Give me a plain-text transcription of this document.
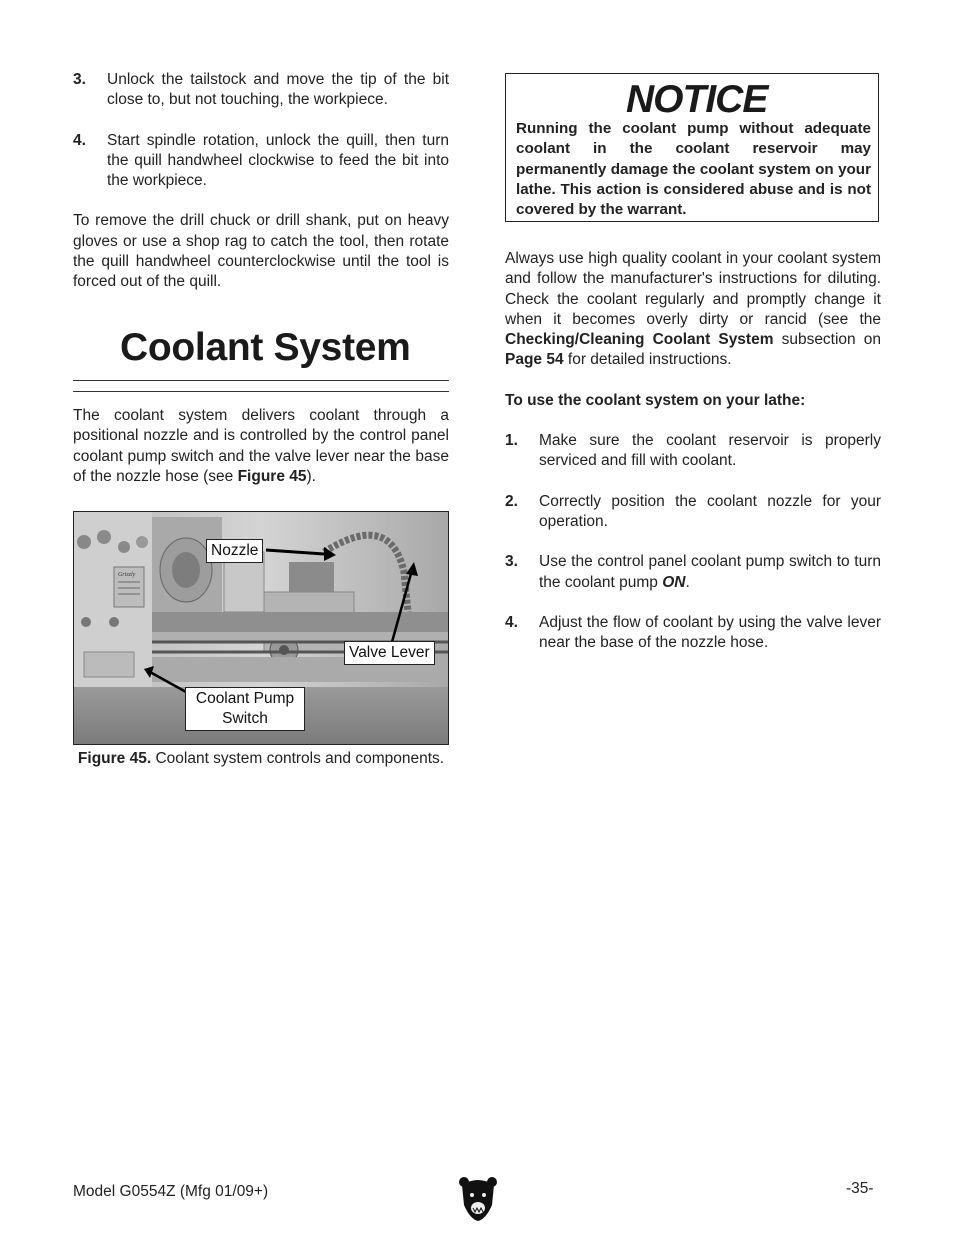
3. Unlock the tailstock and move the tip of the bit close to, but not touching, the workpiece.
4. Start spindle rotation, unlock the quill, then turn the quill handwheel clockwise to feed the bit into the workpiece.
To remove the drill chuck or drill shank, put on heavy gloves or use a shop rag to catch the tool, then rotate the quill handwheel counterclockwise until the tool is forced out of the quill.
Coolant System
The coolant system delivers coolant through a positional nozzle and is controlled by the control panel coolant pump switch and the valve lever near the base of the nozzle hose (see Figure 45).
Grizzly
Nozzle
Valve Lever
Coolant Pump Switch
Figure 45. Coolant system controls and components.
NOTICE
Running the coolant pump without adequate coolant in the coolant reservoir may permanently damage the coolant system on your lathe. This action is considered abuse and is not covered by the warrant.
Always use high quality coolant in your coolant system and follow the manufacturer's instructions for diluting. Check the coolant regularly and promptly change it when it becomes overly dirty or rancid (see the Checking/Cleaning Coolant System subsection on Page 54 for detailed instructions.
To use the coolant system on your lathe:
1. Make sure the coolant reservoir is properly serviced and fill with coolant.
2. Correctly position the coolant nozzle for your operation.
3. Use the control panel coolant pump switch to turn the coolant pump ON.
4. Adjust the flow of coolant by using the valve lever near the base of the nozzle hose.
Model G0554Z (Mfg 01/09+)	-35-
